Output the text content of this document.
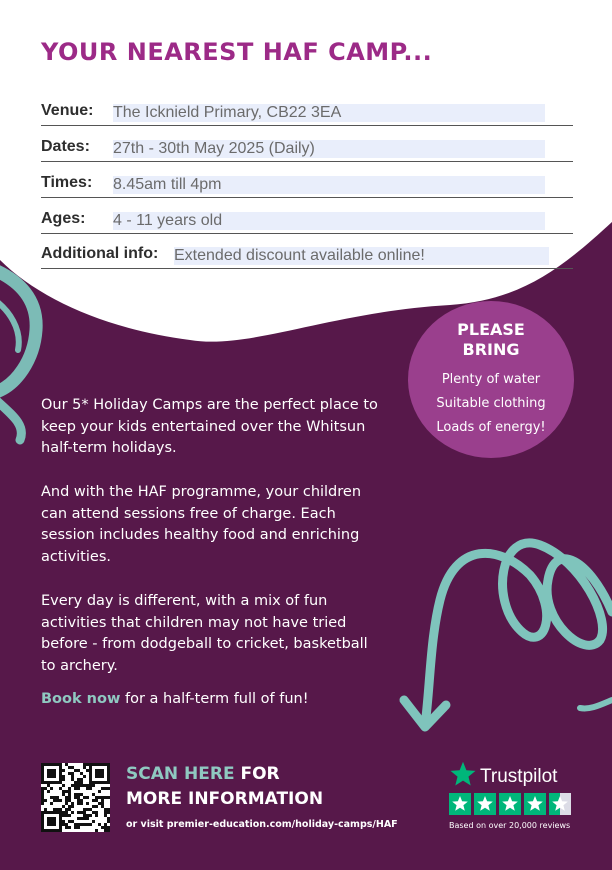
YOUR NEAREST HAF CAMP...
Venue: The Icknield Primary, CB22 3EA
Dates: 27th - 30th May 2025 (Daily)
Times: 8.45am till 4pm
Ages: 4 - 11 years old
Additional info: Extended discount available online!
PLEASE
BRING
Plenty of water
Suitable clothing
Loads of energy!

Our 5* Holiday Camps are the perfect place to keep your kids entertained over the Whitsun half-term holidays.

And with the HAF programme, your children can attend sessions free of charge. Each session includes healthy food and enriching activities.

Every day is different, with a mix of fun activities that children may not have tried before - from dodgeball to cricket, basketball to archery.

Book now for a half-term full of fun!

SCAN HERE FOR
MORE INFORMATION

or visit premier-education.com/holiday-camps/HAF

Trustpilot
Based on over 20,000 reviews
